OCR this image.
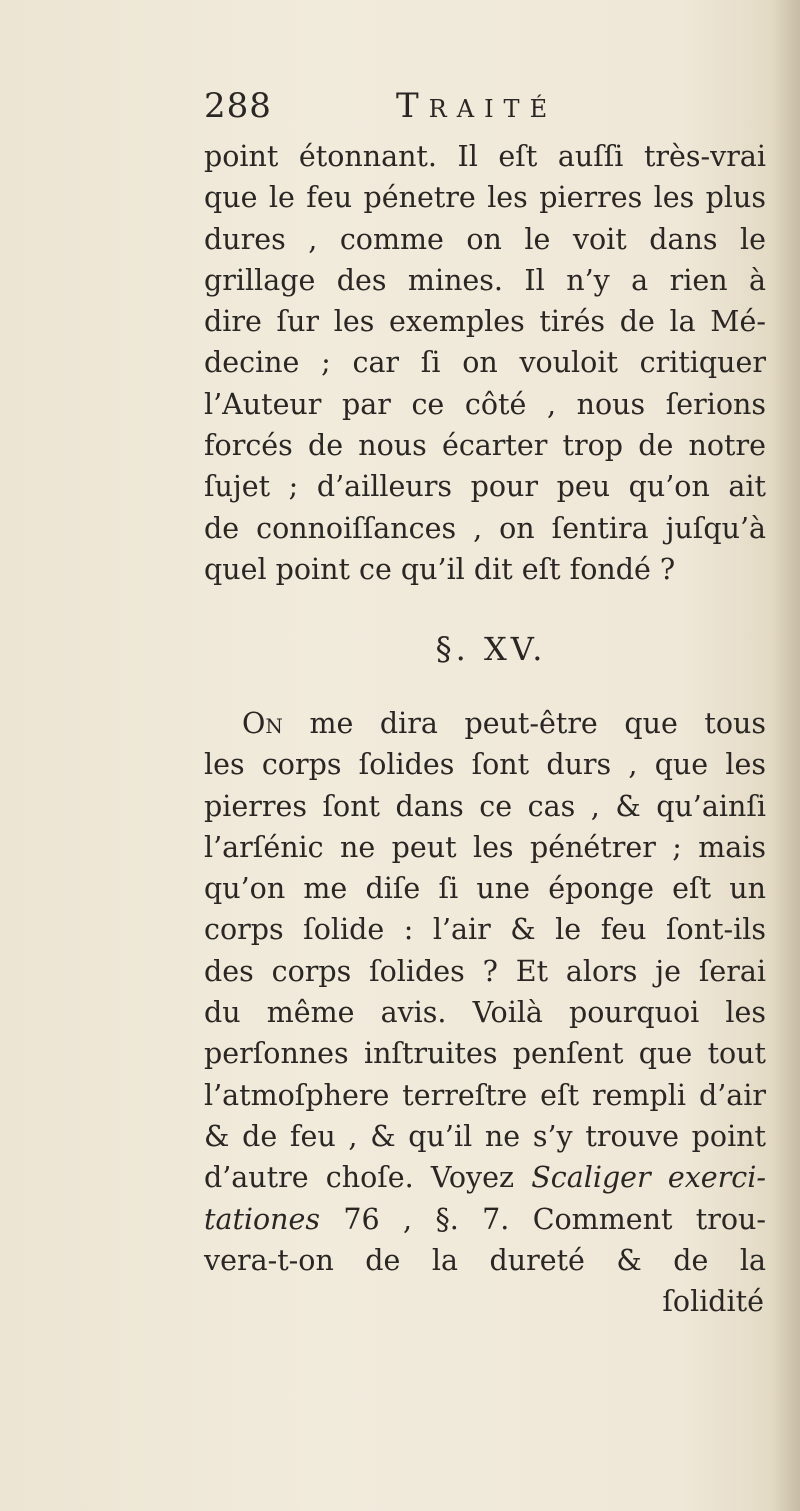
288	Traité
point étonnant. Il eſt auſſi très-vrai
que le feu pénetre les pierres les plus
dures , comme on le voit dans le
grillage des mines. Il n’y a rien à
dire ſur les exemples tirés de la Mé-
decine ; car ſi on vouloit critiquer
l’Auteur par ce côté , nous ſerions
forcés de nous écarter trop de notre
ſujet ; d’ailleurs pour peu qu’on ait
de connoiſſances , on ſentira juſqu’à
quel point ce qu’il dit eſt fondé ?
§. XV.
On me dira peut-être que tous
les corps ſolides ſont durs , que les
pierres ſont dans ce cas , & qu’ainſi
l’arſénic ne peut les pénétrer ; mais
qu’on me diſe ſi une éponge eſt un
corps ſolide : l’air & le feu ſont-ils
des corps ſolides ? Et alors je ſerai
du même avis. Voilà pourquoi les
perſonnes inſtruites penſent que tout
l’atmoſphere terreſtre eſt rempli d’air
& de feu , & qu’il ne s’y trouve point
d’autre choſe. Voyez Scaliger exerci-
tationes 76 , §. 7. Comment trou-
vera-t-on de la dureté & de la
ſolidité
